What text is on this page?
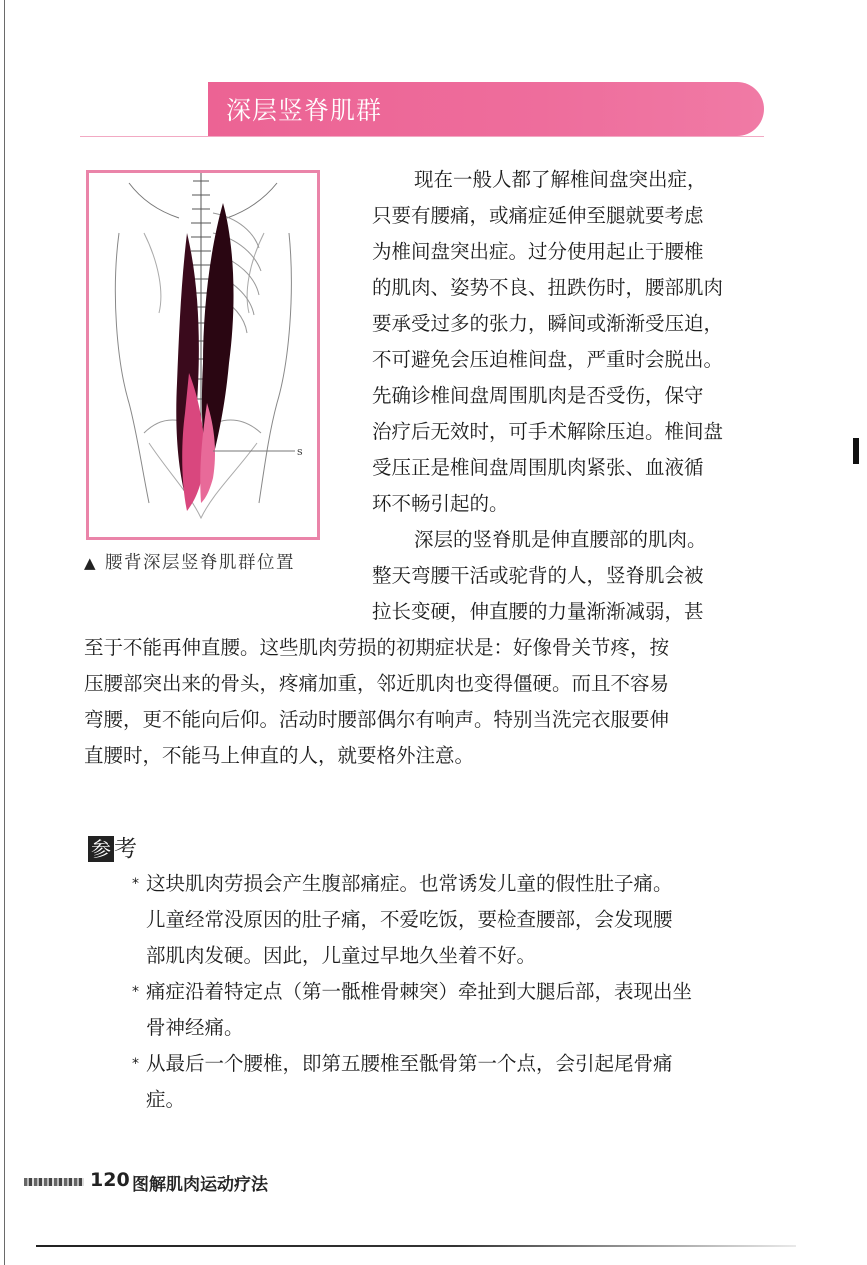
深层竖脊肌群
s
▲ 腰背深层竖脊肌群位置
现在一般人都了解椎间盘突出症，
只要有腰痛，或痛症延伸至腿就要考虑
为椎间盘突出症。过分使用起止于腰椎
的肌肉、姿势不良、扭跌伤时，腰部肌肉
要承受过多的张力，瞬间或渐渐受压迫，
不可避免会压迫椎间盘，严重时会脱出。
先确诊椎间盘周围肌肉是否受伤，保守
治疗后无效时，可手术解除压迫。椎间盘
受压正是椎间盘周围肌肉紧张、血液循
环不畅引起的。
深层的竖脊肌是伸直腰部的肌肉。
整天弯腰干活或驼背的人，竖脊肌会被
拉长变硬，伸直腰的力量渐渐减弱，甚
至于不能再伸直腰。这些肌肉劳损的初期症状是：好像骨关节疼，按
压腰部突出来的骨头，疼痛加重，邻近肌肉也变得僵硬。而且不容易
弯腰，更不能向后仰。活动时腰部偶尔有响声。特别当洗完衣服要伸
直腰时，不能马上伸直的人，就要格外注意。
参 考
* 这块肌肉劳损会产生腹部痛症。也常诱发儿童的假性肚子痛。
儿童经常没原因的肚子痛，不爱吃饭，要检查腰部，会发现腰
部肌肉发硬。因此，儿童过早地久坐着不好。
* 痛症沿着特定点（第一骶椎骨棘突）牵扯到大腿后部，表现出坐
骨神经痛。
* 从最后一个腰椎，即第五腰椎至骶骨第一个点，会引起尾骨痛
症。
120 图解肌肉运动疗法
